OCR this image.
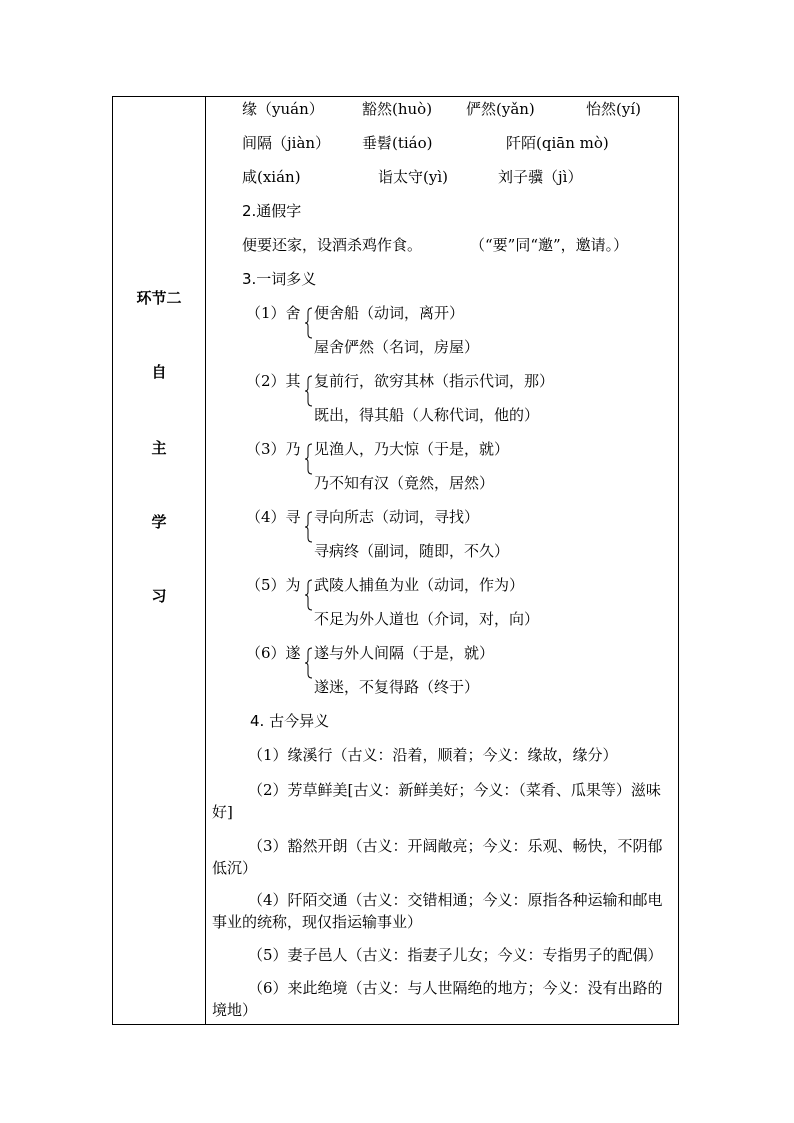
环节二
自
主
学
习
缘（yuán）	豁然(huò) 俨然(yǎn)	怡然(yí)
间隔（jiàn） 垂髫(tiáo)	阡陌(qiān mò)
咸(xián)	诣太守(yì)	刘子骥（jì）
2.通假字
便要还家，设酒杀鸡作食。	（“要”同“邀”，邀请。）
3.一词多义
（1）舍 便舍船（动词，离开）
屋舍俨然（名词，房屋）
（2）其 复前行，欲穷其林（指示代词，那）
既出，得其船（人称代词，他的）
（3）乃 见渔人，乃大惊（于是，就）
乃不知有汉（竟然，居然）
（4）寻 寻向所志（动词，寻找）
寻病终（副词，随即，不久）
（5）为 武陵人捕鱼为业（动词，作为）
不足为外人道也（介词，对，向）
（6）遂 遂与外人间隔（于是，就）
遂迷，不复得路（终于）
4. 古今异义
（1）缘溪行（古义：沿着，顺着；今义：缘故，缘分）
（2）芳草鲜美[古义：新鲜美好；今义：（菜肴、瓜果等）滋味好]
（3）豁然开朗（古义：开阔敞亮；今义：乐观、畅快，不阴郁低沉）
（4）阡陌交通（古义：交错相通；今义：原指各种运输和邮电事业的统称，现仅指运输事业）
（5）妻子邑人（古义：指妻子儿女；今义：专指男子的配偶）
（6）来此绝境（古义：与人世隔绝的地方；今义：没有出路的境地）
